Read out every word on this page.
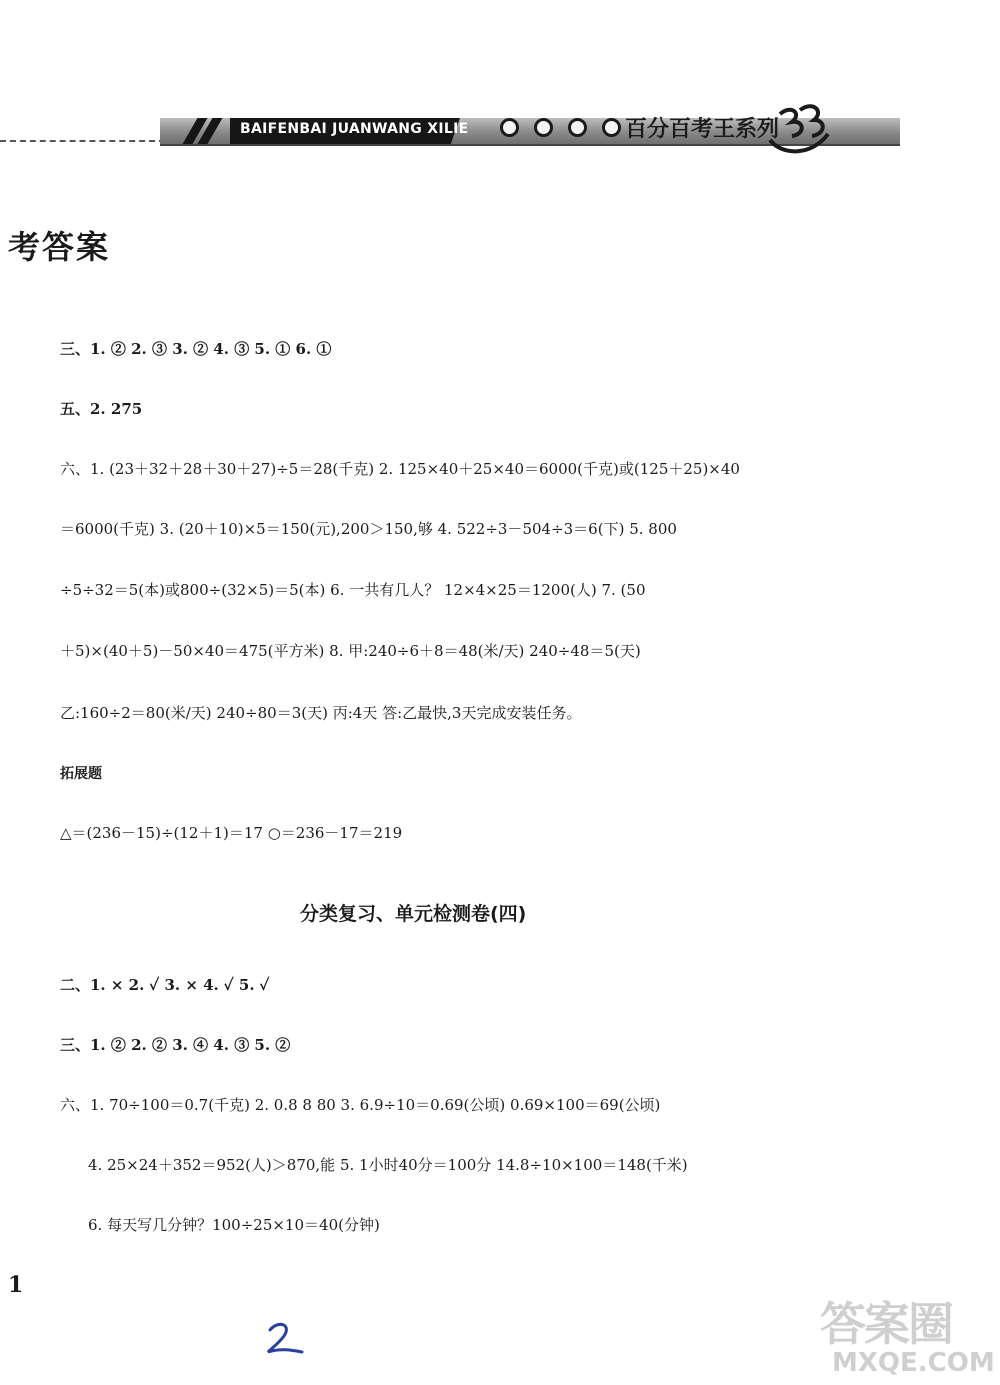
BAIFENBAI JUANWANG XILIE	百分百考王系列
考答案
三、1. ② 2. ③ 3. ② 4. ③ 5. ① 6. ①
五、2. 275
六、1. (23＋32＋28＋30＋27)÷5＝28(千克) 2. 125×40＋25×40＝6000(千克)或(125＋25)×40
＝6000(千克) 3. (20＋10)×5＝150(元),200＞150,够 4. 522÷3－504÷3＝6(下) 5. 800
÷5÷32＝5(本)或800÷(32×5)＝5(本) 6. 一共有几人？ 12×4×25＝1200(人) 7. (50
＋5)×(40＋5)－50×40＝475(平方米) 8. 甲:240÷6＋8＝48(米/天) 240÷48＝5(天)
乙:160÷2＝80(米/天) 240÷80＝3(天) 丙:4天 答:乙最快,3天完成安装任务。
拓展题
△＝(236－15)÷(12＋1)＝17 ○＝236－17＝219
分类复习、单元检测卷(四)
二、1. × 2. ✓ 3. × 4. ✓ 5. ✓
三、1. ② 2. ② 3. ④ 4. ③ 5. ②
六、1. 70÷100＝0.7(千克) 2. 0.8 8 80 3. 6.9÷10＝0.69(公顷) 0.69×100＝69(公顷)
4. 25×24＋352＝952(人)＞870,能 5. 1小时40分＝100分 14.8÷10×100＝148(千米)
6. 每天写几分钟？100÷25×10＝40(分钟)
1
答案圈
MXQE.COM
